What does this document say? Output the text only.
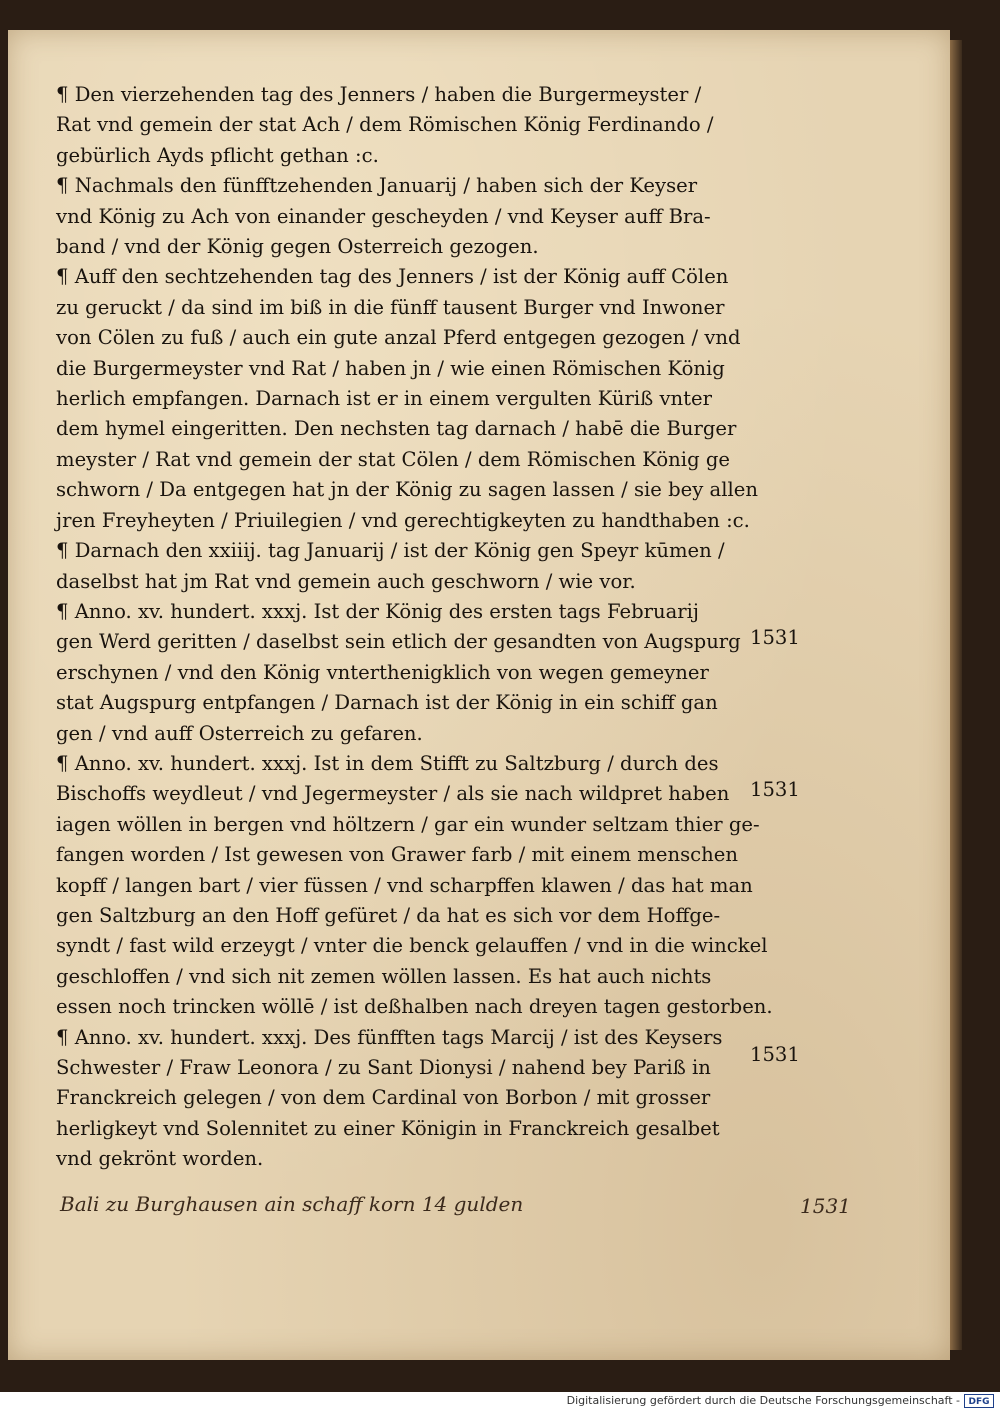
¶ Den vierzehenden tag des Jenners / haben die Burgermeyster /
Rat vnd gemein der stat Ach / dem Römischen König Ferdinando /
gebürlich Ayds pflicht gethan :c.
¶ Nachmals den fünfftzehenden Januarij / haben sich der Keyser
vnd König zu Ach von einander gescheyden / vnd Keyser auff Bra-
band / vnd der König gegen Osterreich gezogen.
¶ Auff den sechtzehenden tag des Jenners / ist der König auff Cölen
zu geruckt / da sind im biß in die fünff tausent Burger vnd Inwoner
von Cölen zu fuß / auch ein gute anzal Pferd entgegen gezogen / vnd
die Burgermeyster vnd Rat / haben jn / wie einen Römischen König
herlich empfangen. Darnach ist er in einem vergulten Küriß vnter
dem hymel eingeritten. Den nechsten tag darnach / habē die Burger
meyster / Rat vnd gemein der stat Cölen / dem Römischen König ge
schworn / Da entgegen hat jn der König zu sagen lassen / sie bey allen
jren Freyheyten / Priuilegien / vnd gerechtigkeyten zu handthaben :c.
¶ Darnach den xxiiij. tag Januarij / ist der König gen Speyr kūmen /
daselbst hat jm Rat vnd gemein auch geschworn / wie vor.
¶ Anno. xv. hundert. xxxj. Ist der König des ersten tags Februarij
gen Werd geritten / daselbst sein etlich der gesandten von Augspurg
erschynen / vnd den König vnterthenigklich von wegen gemeyner
stat Augspurg entpfangen / Darnach ist der König in ein schiff gan
gen / vnd auff Osterreich zu gefaren.
¶ Anno. xv. hundert. xxxj. Ist in dem Stifft zu Saltzburg / durch des
Bischoffs weydleut / vnd Jegermeyster / als sie nach wildpret haben
iagen wöllen in bergen vnd höltzern / gar ein wunder seltzam thier ge-
fangen worden / Ist gewesen von Grawer farb / mit einem menschen
kopff / langen bart / vier füssen / vnd scharpffen klawen / das hat man
gen Saltzburg an den Hoff gefüret / da hat es sich vor dem Hoffge-
syndt / fast wild erzeygt / vnter die benck gelauffen / vnd in die winckel
geschloffen / vnd sich nit zemen wöllen lassen. Es hat auch nichts
essen noch trincken wöllē / ist deßhalben nach dreyen tagen gestorben.
¶ Anno. xv. hundert. xxxj. Des fünfften tags Marcij / ist des Keysers
Schwester / Fraw Leonora / zu Sant Dionysi / nahend bey Pariß in
Franckreich gelegen / von dem Cardinal von Borbon / mit grosser
herligkeyt vnd Solennitet zu einer Königin in Franckreich gesalbet
vnd gekrönt worden.
1531
1531
1531
Bali zu Burghausen ain schaff korn 14 gulden	1531
Digitalisierung gefördert durch die Deutsche Forschungsgemeinschaft - DFG
